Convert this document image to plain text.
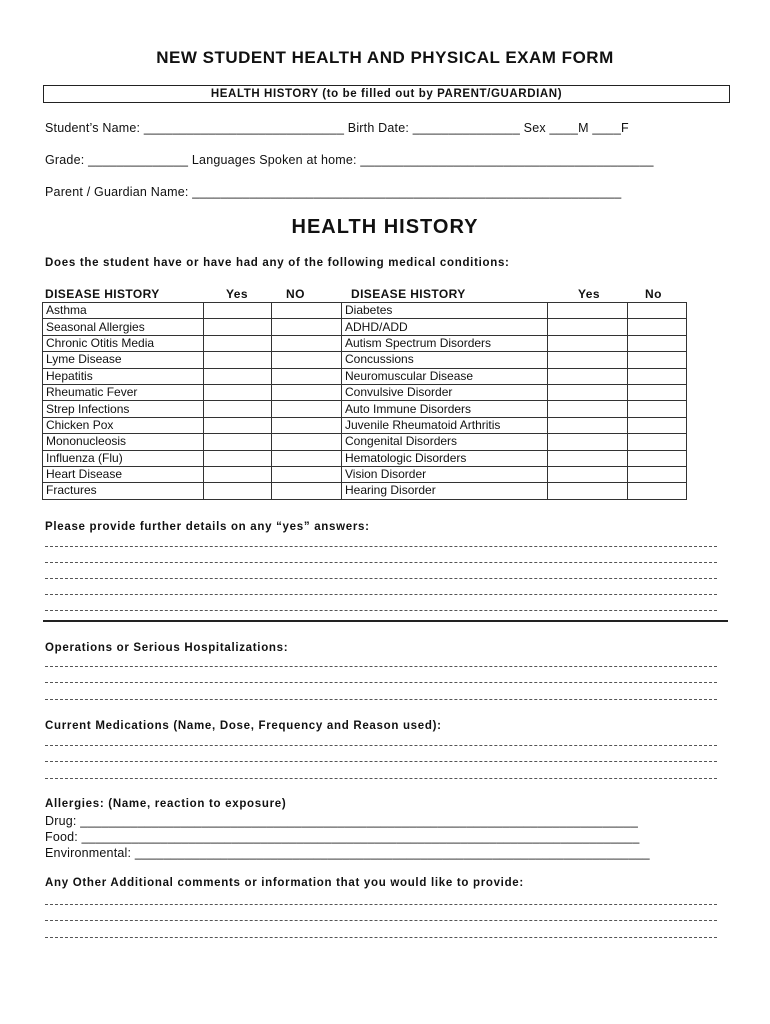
NEW STUDENT HEALTH AND PHYSICAL EXAM FORM
HEALTH HISTORY (to be filled out by PARENT/GUARDIAN)
Student’s Name: ____________________________ Birth Date: _______________ Sex ____M ____F
Grade: ______________ Languages Spoken at home: _________________________________________
Parent / Guardian Name: ____________________________________________________________
HEALTH HISTORY
Does the student have or have had any of the following medical conditions:
DISEASE HISTORY	Yes	NO	DISEASE HISTORY	Yes	No
Asthma			Diabetes		
Seasonal Allergies			ADHD/ADD		
Chronic Otitis Media			Autism Spectrum Disorders		
Lyme Disease			Concussions		
Hepatitis			Neuromuscular Disease		
Rheumatic Fever			Convulsive Disorder		
Strep Infections			Auto Immune Disorders		
Chicken Pox			Juvenile Rheumatoid Arthritis		
Mononucleosis			Congenital Disorders		
Influenza (Flu)			Hematologic Disorders		
Heart Disease			Vision Disorder		
Fractures			Hearing Disorder		
Please provide further details on any “yes” answers:
Operations or Serious Hospitalizations:
Current Medications (Name, Dose, Frequency and Reason used):
Allergies: (Name, reaction to exposure)
Drug: ______________________________________________________________________________
Food: ______________________________________________________________________________
Environmental: ________________________________________________________________________
Any Other Additional comments or information that you would like to provide:
